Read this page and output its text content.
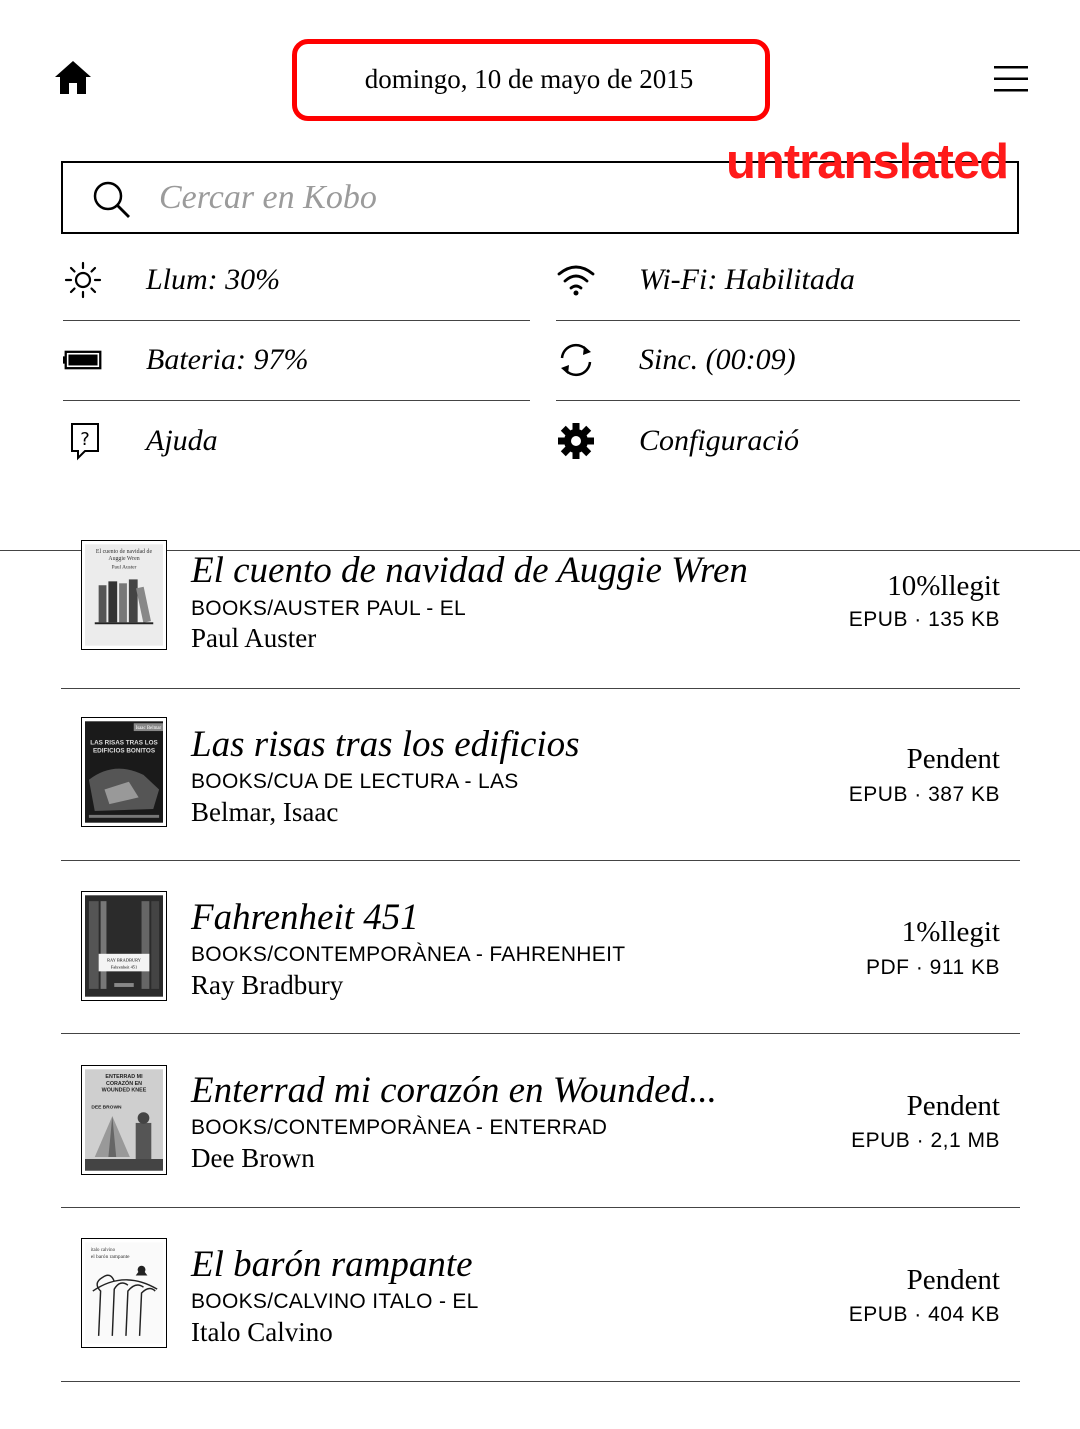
domingo, 10 de mayo de 2015
Cercar en Kobo
untranslated
Llum: 30%	Wi-Fi: Habilitada
Bateria: 97%	Sinc. (00:09)
? Ajuda	Configuració
El cuento de navidad de
Auggie Wren
Paul Auster El cuento de navidad de Auggie Wren
BOOKS/AUSTER PAUL - EL
Paul Auster
10%llegit
EPUB · 135 KB
Isaac Belmar
LAS RISAS TRAS LOS
EDIFICIOS BONITOS Las risas tras los edificios
BOOKS/CUA DE LECTURA - LAS
Belmar, Isaac
Pendent
EPUB · 387 KB
RAY BRADBURY
Fahrenheit 451
Fahrenheit 451
BOOKS/CONTEMPORÀNEA - FAHRENHEIT
Ray Bradbury
1%llegit
PDF · 911 KB
ENTERRAD MI
CORAZÓN EN
WOUNDED KNEE
DEE BROWN Enterrad mi corazón en Wounded...
BOOKS/CONTEMPORÀNEA - ENTERRAD
Dee Brown
Pendent
EPUB · 2,1 MB
italo calvino
el barón rampante El barón rampante
BOOKS/CALVINO ITALO - EL
Italo Calvino
Pendent
EPUB · 404 KB
